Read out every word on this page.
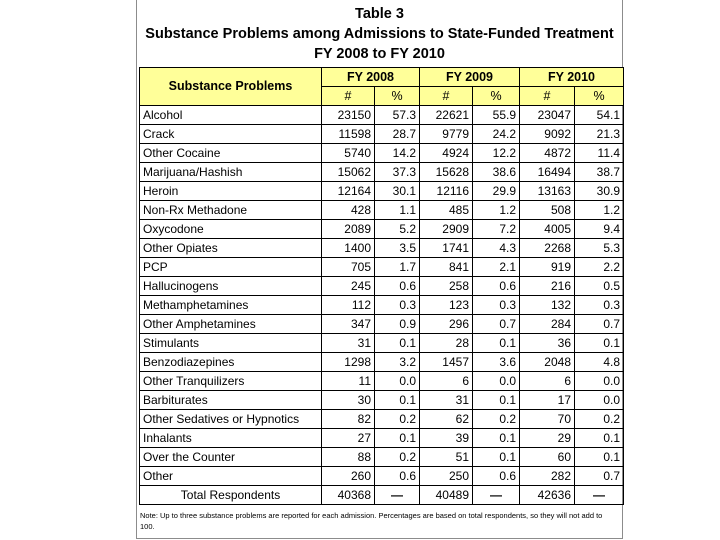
Table 3
Substance Problems among Admissions to State-Funded Treatment
FY 2008 to FY 2010
Substance Problems	FY 2008		FY 2009		FY 2010	
	#	%	#	%	#	%
Alcohol	23150	57.3	22621	55.9	23047	54.1
Crack	11598	28.7	9779	24.2	9092	21.3
Other Cocaine	5740	14.2	4924	12.2	4872	11.4
Marijuana/Hashish	15062	37.3	15628	38.6	16494	38.7
Heroin	12164	30.1	12116	29.9	13163	30.9
Non-Rx Methadone	428	1.1	485	1.2	508	1.2
Oxycodone	2089	5.2	2909	7.2	4005	9.4
Other Opiates	1400	3.5	1741	4.3	2268	5.3
PCP	705	1.7	841	2.1	919	2.2
Hallucinogens	245	0.6	258	0.6	216	0.5
Methamphetamines	112	0.3	123	0.3	132	0.3
Other Amphetamines	347	0.9	296	0.7	284	0.7
Stimulants	31	0.1	28	0.1	36	0.1
Benzodiazepines	1298	3.2	1457	3.6	2048	4.8
Other Tranquilizers	11	0.0	6	0.0	6	0.0
Barbiturates	30	0.1	31	0.1	17	0.0
Other Sedatives or Hypnotics	82	0.2	62	0.2	70	0.2
Inhalants	27	0.1	39	0.1	29	0.1
Over the Counter	88	0.2	51	0.1	60	0.1
Other	260	0.6	250	0.6	282	0.7
Total Respondents	40368	—	40489	—	42636	—
Note: Up to three substance problems are reported for each admission. Percentages are based on total respondents, so they will not add to 100.
